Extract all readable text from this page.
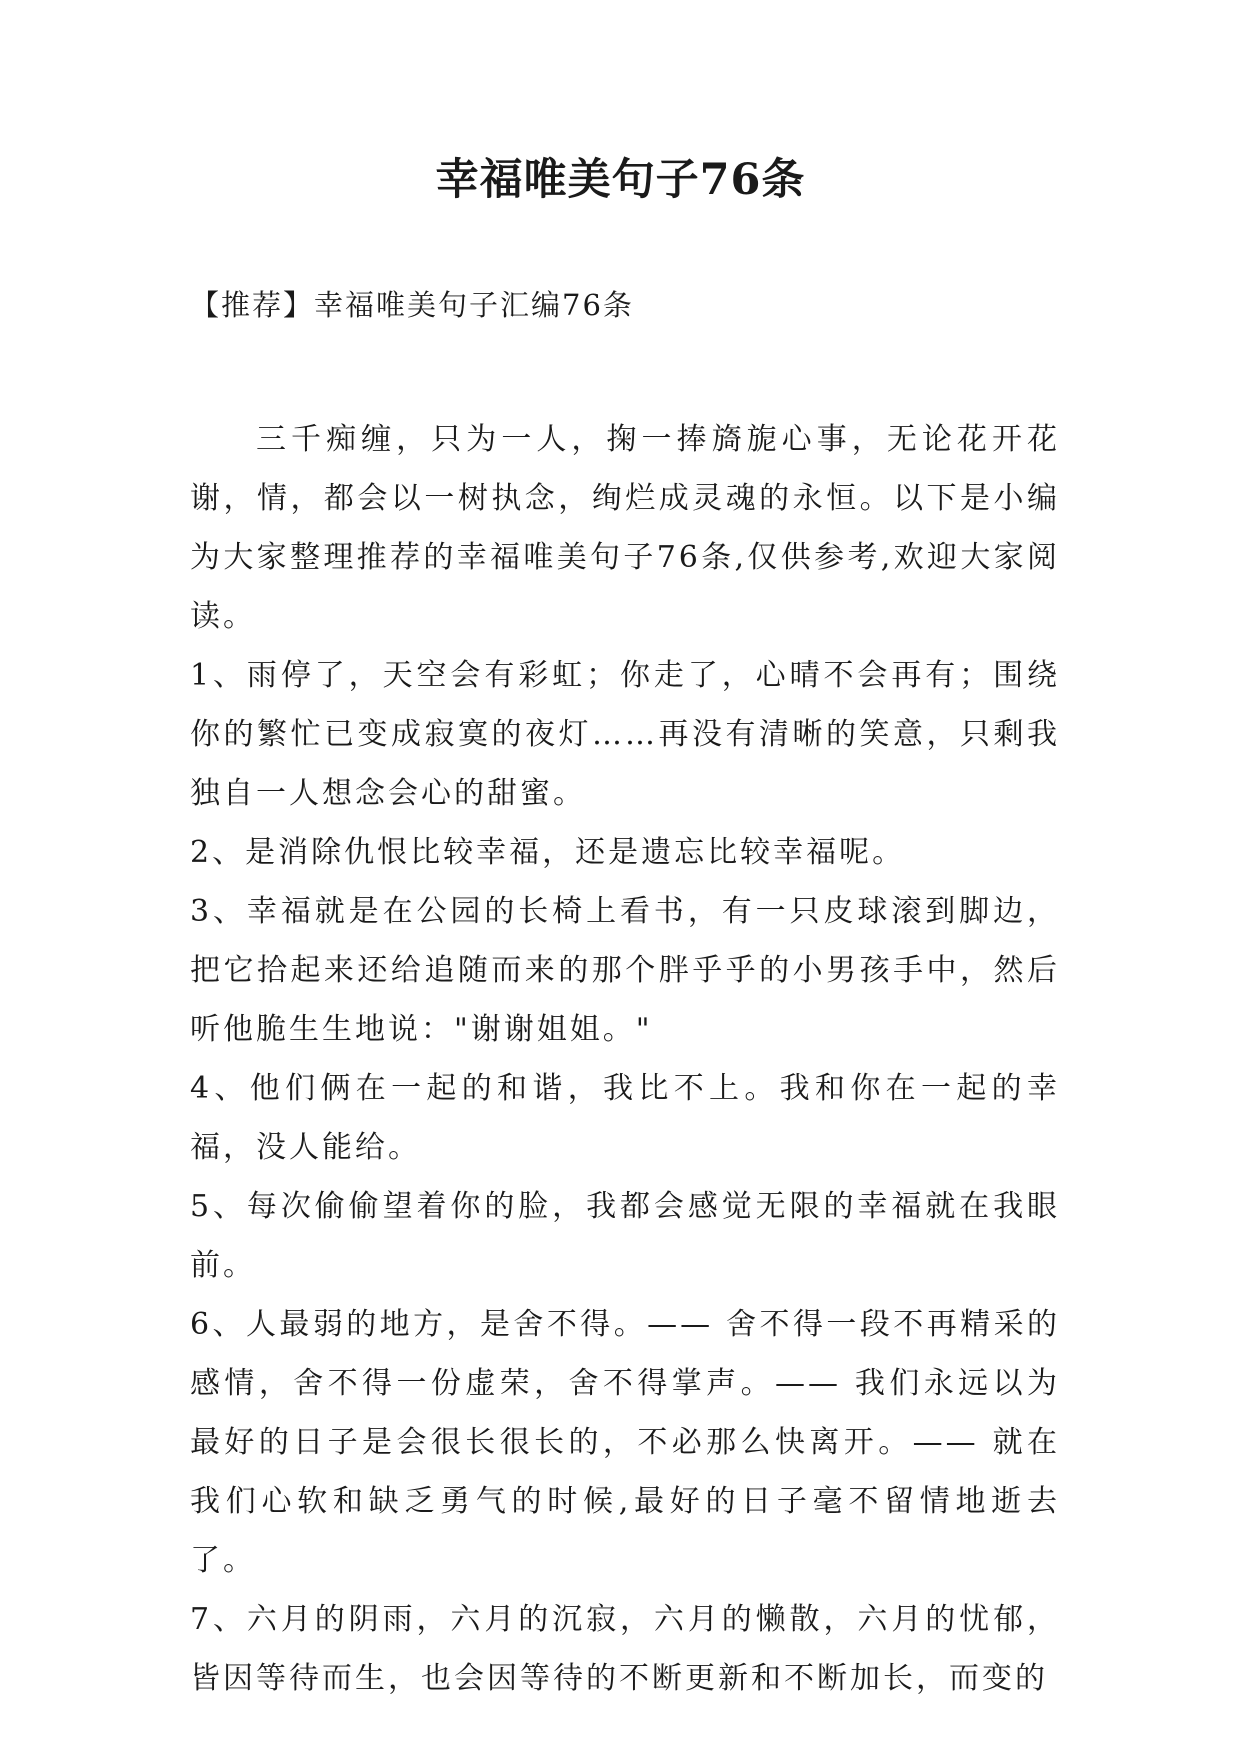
幸福唯美句子76条

【推荐】幸福唯美句子汇编76条

三千痴缠，只为一人，掬一捧旖旎心事，无论花开花谢，情，都会以一树执念，绚烂成灵魂的永恒。以下是小编为大家整理推荐的幸福唯美句子76条,仅供参考,欢迎大家阅读。

1、雨停了，天空会有彩虹；你走了，心晴不会再有；围绕你的繁忙已变成寂寞的夜灯……再没有清晰的笑意，只剩我独自一人想念会心的甜蜜。

2、是消除仇恨比较幸福，还是遗忘比较幸福呢。

3、幸福就是在公园的长椅上看书，有一只皮球滚到脚边，把它拾起来还给追随而来的那个胖乎乎的小男孩手中，然后听他脆生生地说："谢谢姐姐。"

4、他们俩在一起的和谐，我比不上。我和你在一起的幸福，没人能给。

5、每次偷偷望着你的脸，我都会感觉无限的幸福就在我眼前。

6、人最弱的地方，是舍不得。—— 舍不得一段不再精采的感情，舍不得一份虚荣，舍不得掌声。—— 我们永远以为最好的日子是会很长很长的，不必那么快离开。—— 就在我们心软和缺乏勇气的时候,最好的日子毫不留情地逝去了。

7、六月的阴雨，六月的沉寂，六月的懒散，六月的忧郁，皆因等待而生，也会因等待的不断更新和不断加长，而变的
